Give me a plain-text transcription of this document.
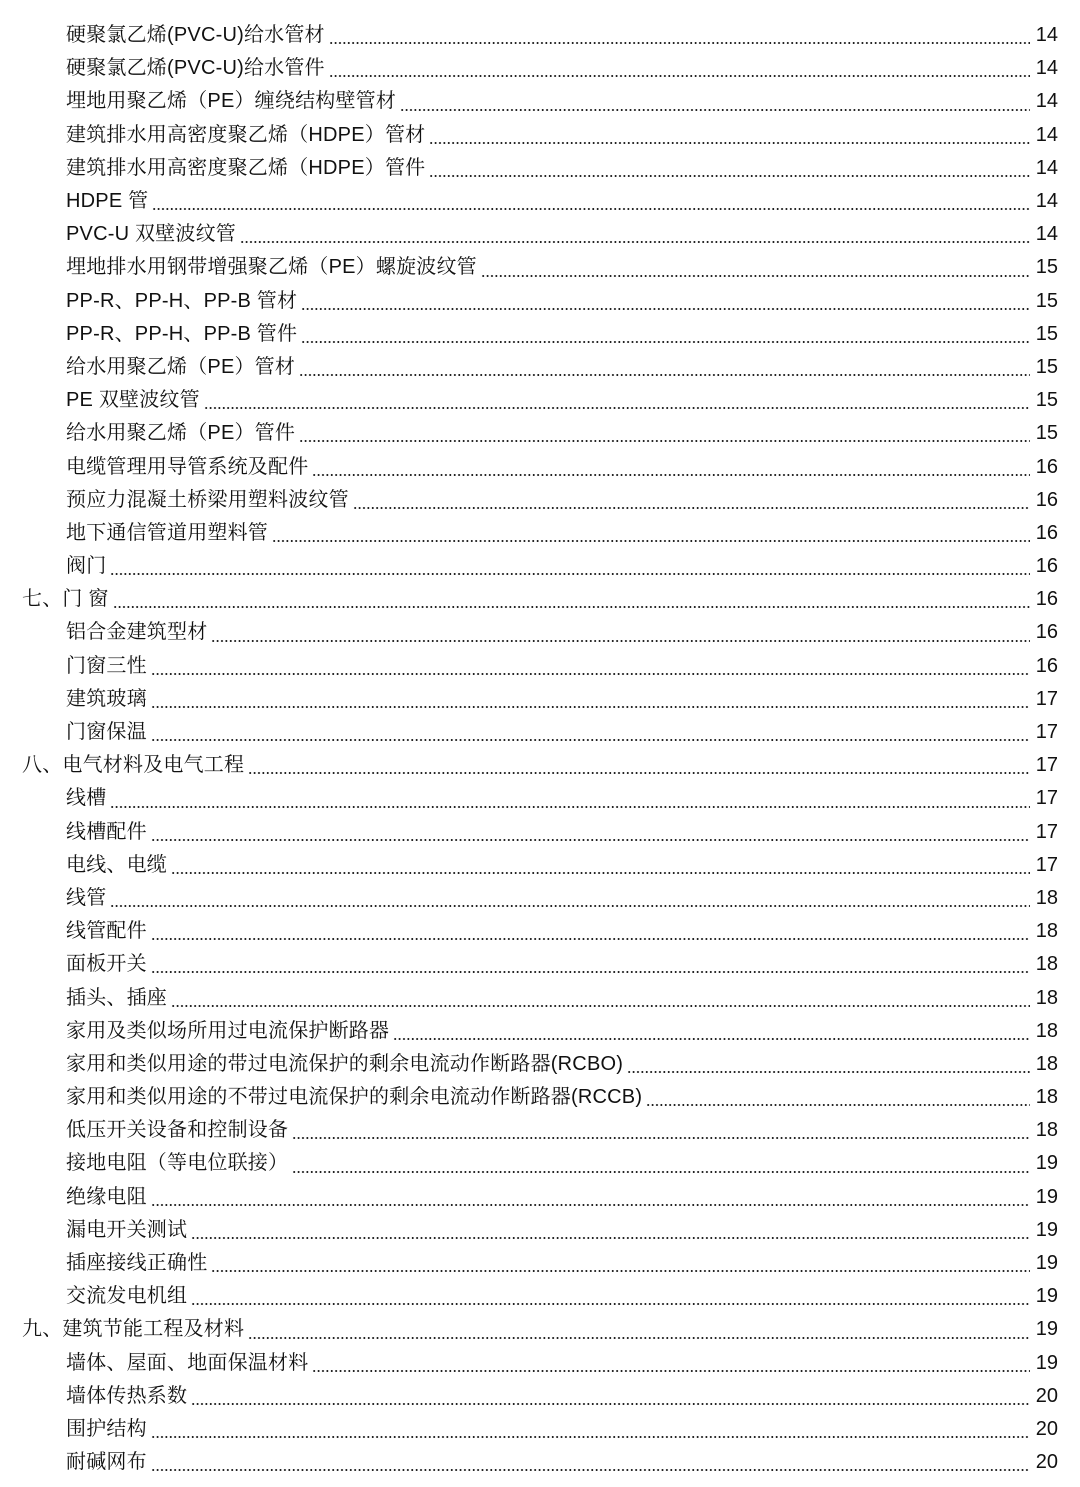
硬聚氯乙烯(PVC-U)给水管材	14
硬聚氯乙烯(PVC-U)给水管件	14
埋地用聚乙烯（PE）缠绕结构壁管材	14
建筑排水用高密度聚乙烯（HDPE）管材	14
建筑排水用高密度聚乙烯（HDPE）管件	14
HDPE 管	14
PVC-U 双壁波纹管	14
埋地排水用钢带增强聚乙烯（PE）螺旋波纹管	15
PP-R、PP-H、PP-B 管材	15
PP-R、PP-H、PP-B 管件	15
给水用聚乙烯（PE）管材	15
PE 双壁波纹管	15
给水用聚乙烯（PE）管件	15
电缆管理用导管系统及配件	16
预应力混凝土桥梁用塑料波纹管	16
地下通信管道用塑料管	16
阀门	16
七、门 窗	16
铝合金建筑型材	16
门窗三性	16
建筑玻璃	17
门窗保温	17
八、电气材料及电气工程	17
线槽	17
线槽配件	17
电线、电缆	17
线管	18
线管配件	18
面板开关	18
插头、插座	18
家用及类似场所用过电流保护断路器	18
家用和类似用途的带过电流保护的剩余电流动作断路器(RCBO)	18
家用和类似用途的不带过电流保护的剩余电流动作断路器(RCCB)	18
低压开关设备和控制设备	18
接地电阻（等电位联接）	19
绝缘电阻	19
漏电开关测试	19
插座接线正确性	19
交流发电机组	19
九、建筑节能工程及材料	19
墙体、屋面、地面保温材料	19
墙体传热系数	20
围护结构	20
耐碱网布	20
